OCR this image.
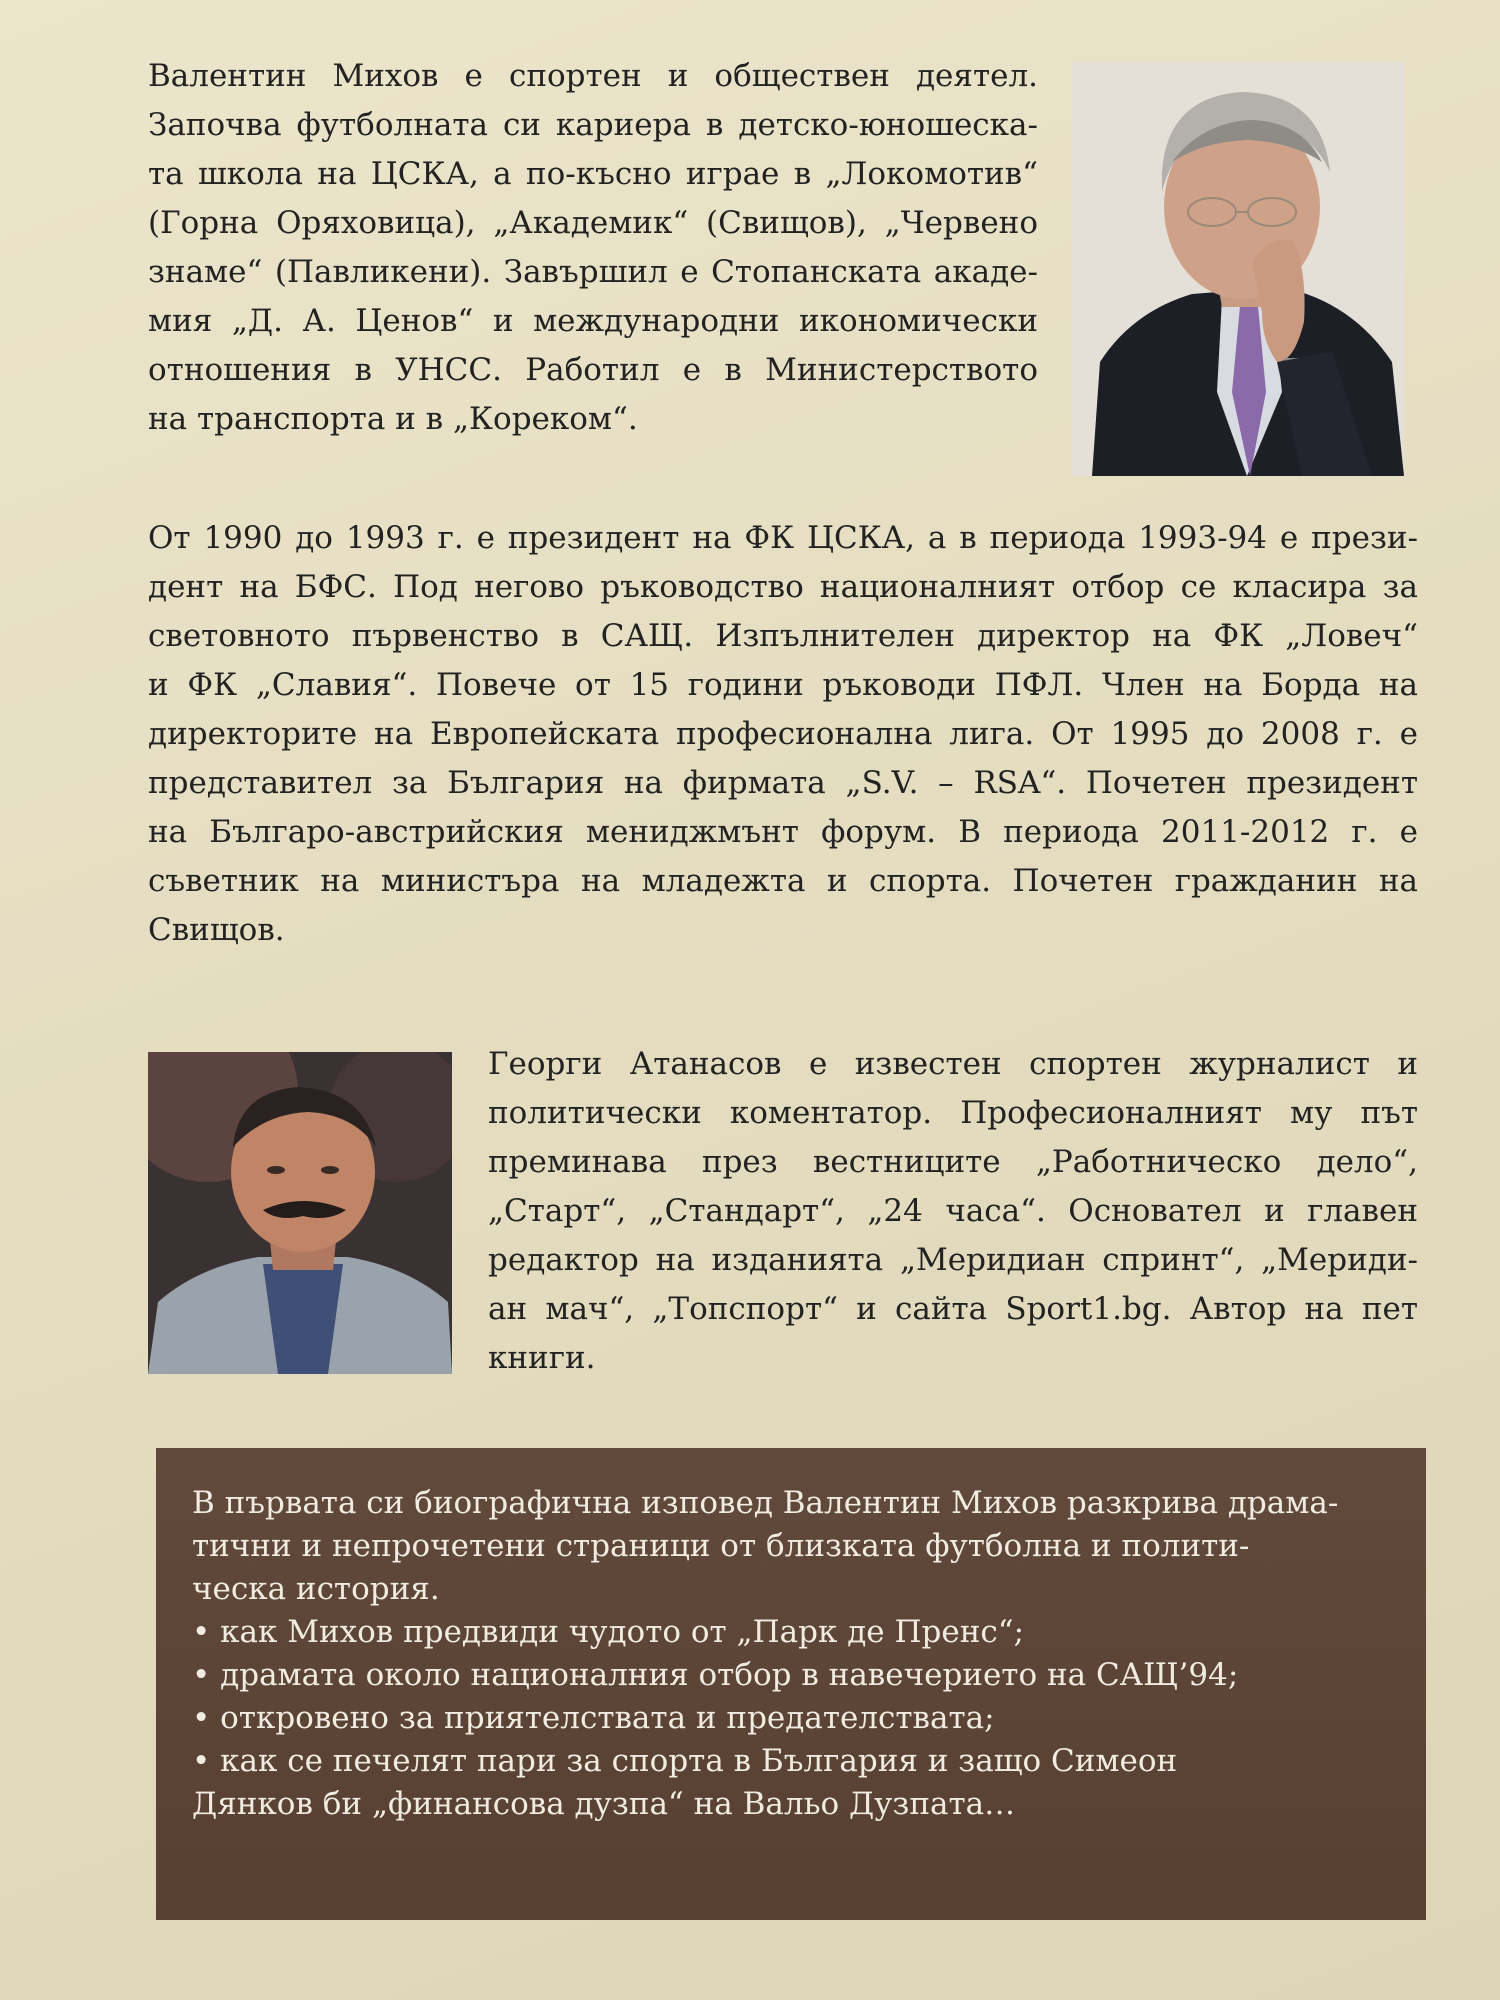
Валентин Михов е спортен и обществен деятел.
Започва футболната си кариера в детско-юношеска-
та школа на ЦСКА, а по-късно играе в „Локомотив“
(Горна Оряховица), „Академик“ (Свищов), „Червено
знаме“ (Павликени). Завършил е Стопанската акаде-
мия „Д. А. Ценов“ и международни икономически
отношения в УНСС. Работил е в Министерството
на транспорта и в „Кореком“.

От 1990 до 1993 г. е президент на ФК ЦСКА, а в периода 1993-94 е прези-
дент на БФС. Под негово ръководство националният отбор се класира за
световното първенство в САЩ. Изпълнителен директор на ФК „Ловеч“
и ФК „Славия“. Повече от 15 години ръководи ПФЛ. Член на Борда на
директорите на Европейската професионална лига. От 1995 до 2008 г. е
представител за България на фирмата „S.V. – RSA“. Почетен президент
на Българо-австрийския мениджмънт форум. В периода 2011-2012 г. е
съветник на министъра на младежта и спорта. Почетен гражданин на
Свищов.

Георги Атанасов е известен спортен журналист и
политически коментатор. Професионалният му път
преминава през вестниците „Работническо дело“,
„Старт“, „Стандарт“, „24 часа“. Основател и главен
редактор на изданията „Меридиан спринт“, „Мериди-
ан мач“, „Топспорт“ и сайта Sport1.bg. Автор на пет
книги.

В първата си биографична изповед Валентин Михов разкрива драма-
тични и непрочетени страници от близката футболна и полити-
ческа история.
• как Михов предвиди чудото от „Парк де Пренс“;
• драмата около националния отбор в навечерието на САЩ’94;
• откровено за приятелствата и предателствата;
• как се печелят пари за спорта в България и защо Симеон
Дянков би „финансова дузпа“ на Вальо Дузпата…
